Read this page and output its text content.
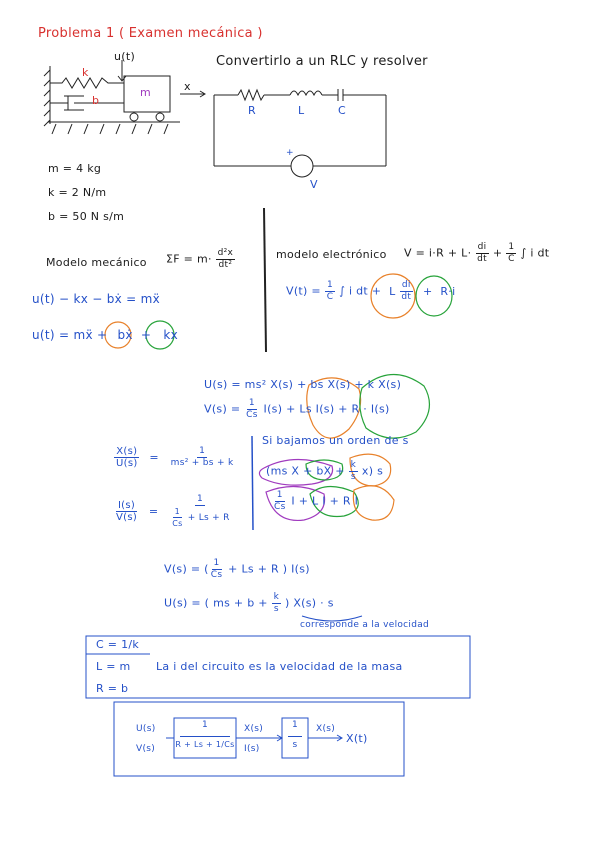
Problema 1 ( Examen mecánica )
u(t)
k
b
m	x
Convertirlo a un RLC y resolver
R	L	C
+
V
m = 4 kg
k = 2 N/m
b = 50 N s/m
Modelo mecánico $\Sigma F = m\cdot \frac{\text{d²x}}{\text{dt²}}$
u(t) − kx − bẋ = mẍ
u(t) = mẍ + bẋ + kx
modelo electrónico $V = i\cdot R + L\cdot \frac{di}{dt} + \frac{1}{C}$ ∫ i dt
$V(t) = \frac{1}{C}$ ∫ i dt + L $\frac{di}{dt} + R\cdot i$
U(s) = ms² X(s) + bs X(s) + k X(s)
$V(s) = \frac{1}{Cs} I(s) + Ls$ I(s) + R · I(s)
$\frac{X(s)}{U(s)} = \frac{1}{\text{ms² + bs + k}}$
$\frac{I(s)}{V(s)} = \frac{1}{\frac{1}{Cs} + Ls + R}$
Si bajamos un orden de s
(ms X + bX + $\frac{k}{s} x$) s
$\frac{1}{Cs}$ I + L I + R I
V(s) = ( $\frac{1}{Cs} + Ls + R$ ) I(s)
U(s) = ( ms + $b + \frac{k}{s}$ ) X(s) · s
corresponde a la velocidad
C = 1/k
L = m
R = b
La i del circuito es la velocidad de la masa
U(s)
V(s)
1
R + Ls + 1/Cs
X(s)
I(s)
1
s
X(s)
X(t)
